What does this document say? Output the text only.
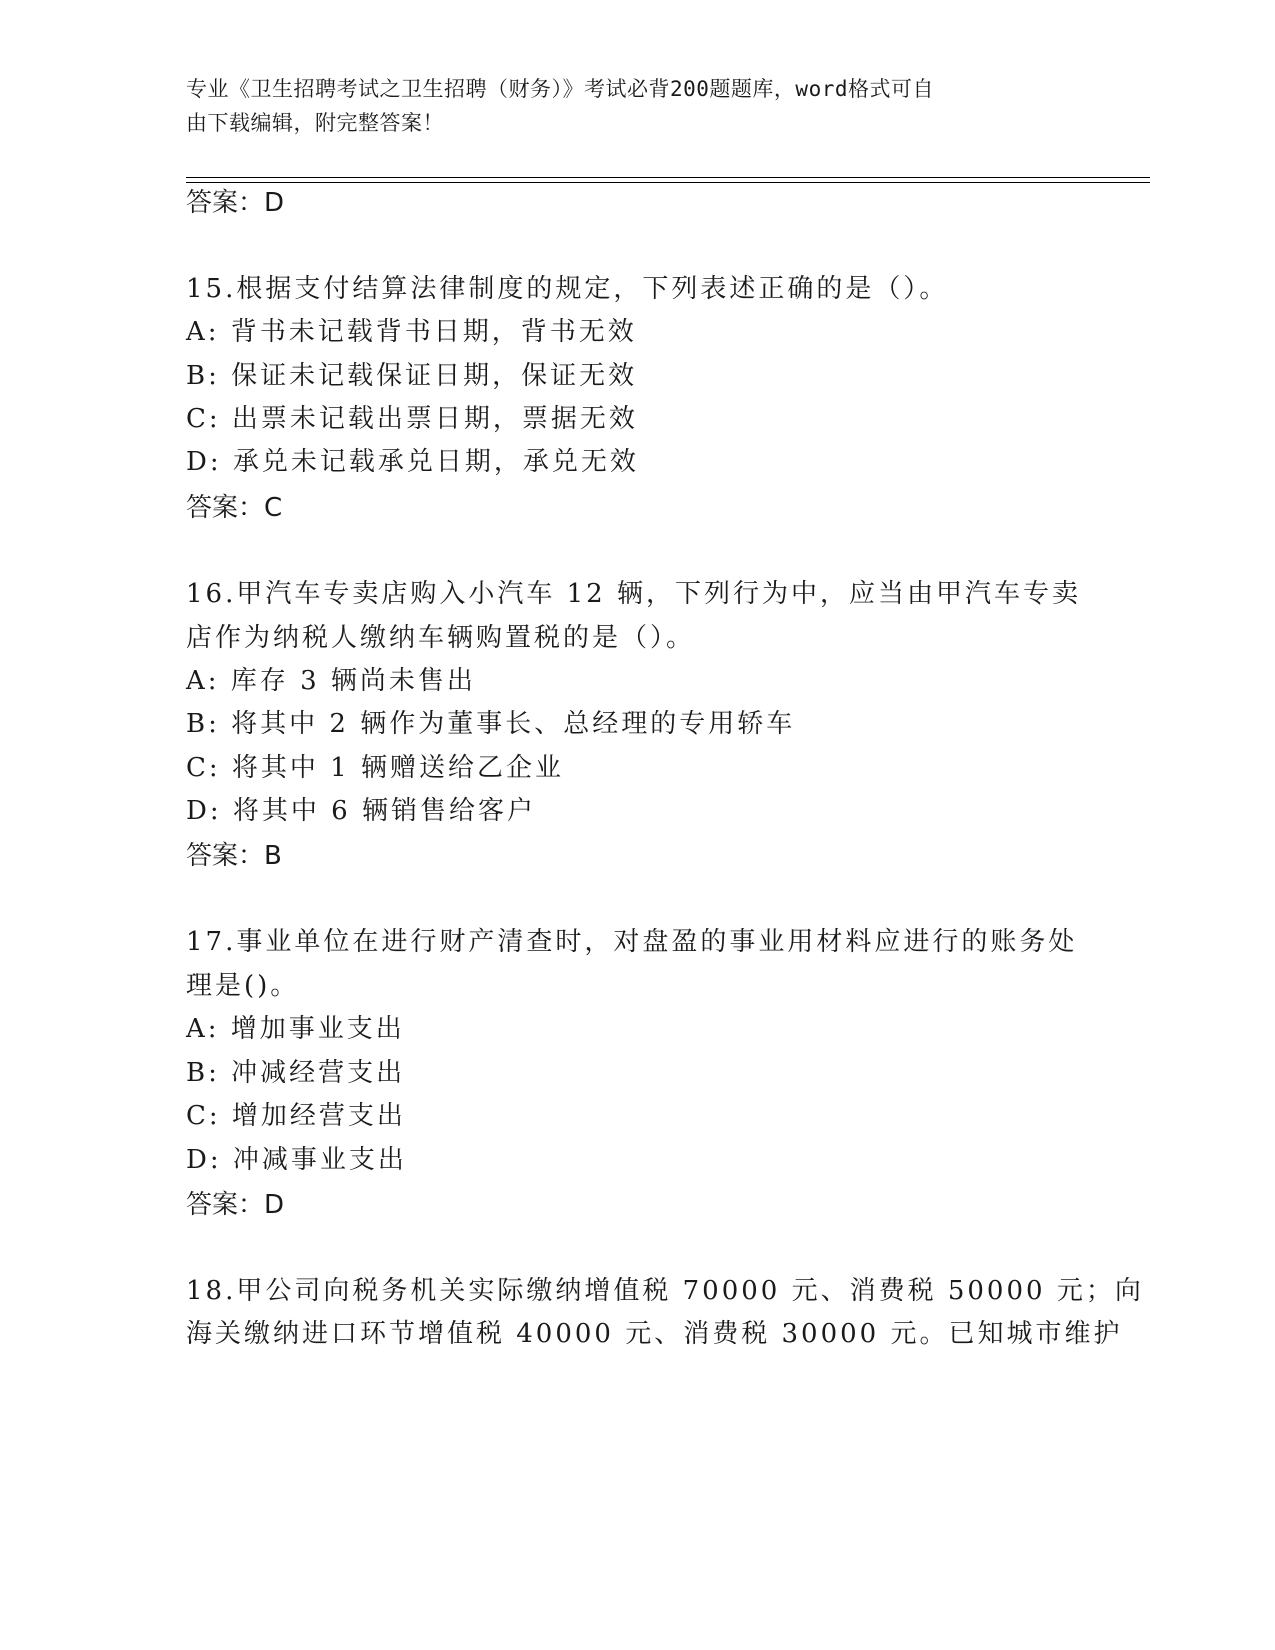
专业《卫生招聘考试之卫生招聘（财务）》考试必背200题题库，word格式可自
由下载编辑，附完整答案！
答案：D
15.根据支付结算法律制度的规定，下列表述正确的是（）。
A: 背书未记载背书日期，背书无效
B: 保证未记载保证日期，保证无效
C: 出票未记载出票日期，票据无效
D: 承兑未记载承兑日期，承兑无效
答案：C
16.甲汽车专卖店购入小汽车 12 辆，下列行为中，应当由甲汽车专卖
店作为纳税人缴纳车辆购置税的是（）。
A: 库存 3 辆尚未售出
B: 将其中 2 辆作为董事长、总经理的专用轿车
C: 将其中 1 辆赠送给乙企业
D: 将其中 6 辆销售给客户
答案：B
17.事业单位在进行财产清查时，对盘盈的事业用材料应进行的账务处
理是()。
A: 增加事业支出
B: 冲减经营支出
C: 增加经营支出
D: 冲减事业支出
答案：D
18.甲公司向税务机关实际缴纳增值税 70000 元、消费税 50000 元；向
海关缴纳进口环节增值税 40000 元、消费税 30000 元。已知城市维护
